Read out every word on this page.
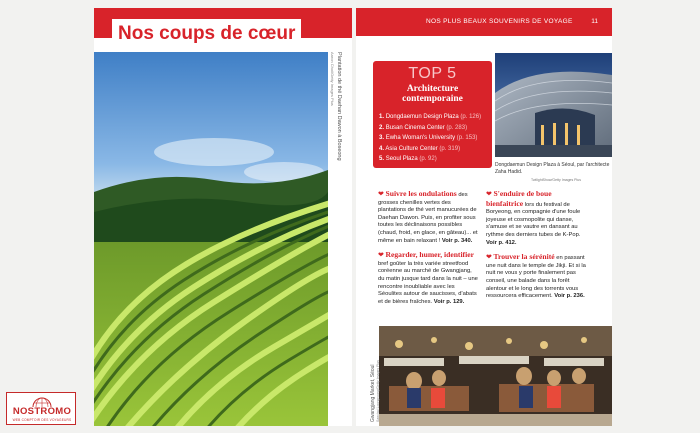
Nos coups de cœur
Plantation de thé Daehan Dawon à Boseong
Aaron Choi/Getty Images Plus
NOS PLUS BEAUX SOUVENIRS DE VOYAGE	11
TOP 5
Architecture
contemporaine
1. Dongdaemun Design Plaza (p. 126)
2. Busan Cinema Center (p. 283)
3. Ewha Woman's University (p. 153)
4. Asia Culture Center (p. 319)
5. Seoul Plaza (p. 92)
Dongdaemun Design Plaza à Séoul, par l'architecte Zaha Hadid.
TwilightShow/Getty Images Plus
❤ Suivre les ondulations des grosses chenilles vertes des plantations de thé vert manucurées de Daehan Dawon. Puis, en profiter sous toutes les déclinaisons possibles (chaud, froid, en glace, en gâteau)... et même en bain relaxant ! Voir p. 340.
❤ Regarder, humer, identifier bref goûter la très variée streetfood coréenne au marché de Gwangjang, du matin jusque tard dans la nuit – une rencontre inoubliable avec les Séoulites autour de saucisses, d'abats et de bières fraîches. Voir p. 129.
❤ S'enduire de boue bienfaitrice lors du festival de Boryeong, en compagnie d'une foule joyeuse et cosmopolite qui danse, s'amuse et se vautre en dansant au rythme des derniers tubes de K-Pop. Voir p. 412.
❤ Trouver la sérénité en passant une nuit dans le temple de Jikji. Et si la nuit ne vous y porte finalement pas conseil, une balade dans la forêt alentour et le long des torrents vous ressourcera efficacement. Voir p. 236.
Gwangjang Market, Séoul Sanchai Loongroong/Getty Images Plus
NOSTROMO
WEB COMPTOIR DES VOYAGEURS
